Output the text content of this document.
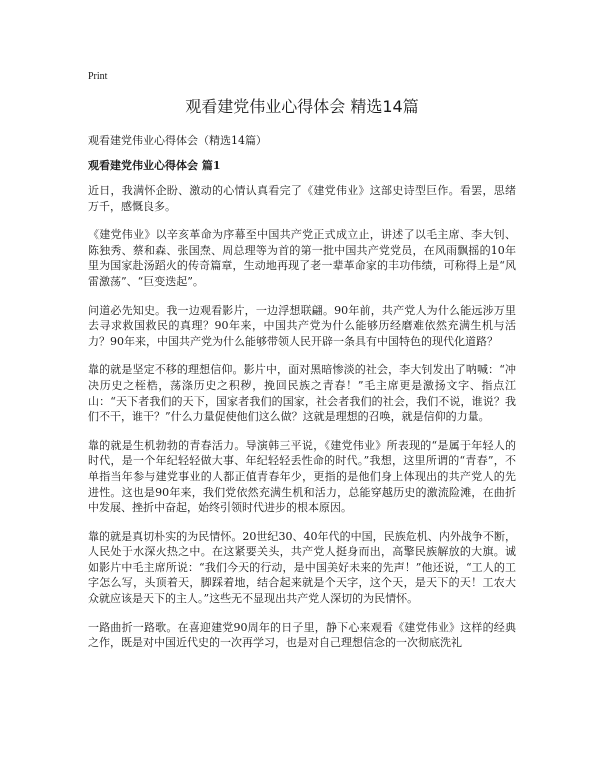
Print
观看建党伟业心得体会 精选14篇
观看建党伟业心得体会（精选14篇）
观看建党伟业心得体会 篇1

近日，我满怀企盼、激动的心情认真看完了《建党伟业》这部史诗型巨作。看罢，思绪万千，感慨良多。

《建党伟业》以辛亥革命为序幕至中国共产党正式成立止，讲述了以毛主席、李大钊、陈独秀、蔡和森、张国焘、周总理等为首的第一批中国共产党党员，在风雨飘摇的10年里为国家赴汤蹈火的传奇篇章，生动地再现了老一辈革命家的丰功伟绩，可称得上是“风雷激荡”、“巨变迭起”。

问道必先知史。我一边观看影片，一边浮想联翩。90年前，共产党人为什么能远涉万里去寻求救国救民的真理？90年来，中国共产党为什么能够历经磨难依然充满生机与活力？90年来，中国共产党为什么能够带领人民开辟一条具有中国特色的现代化道路？

靠的就是坚定不移的理想信仰。影片中，面对黑暗惨淡的社会，李大钊发出了呐喊：“冲决历史之桎梏，荡涤历史之积秽，挽回民族之青春！”毛主席更是激扬文字、指点江山：“天下者我们的天下，国家者我们的国家，社会者我们的社会，我们不说，谁说？我们不干，谁干？”什么力量促使他们这么做？这就是理想的召唤，就是信仰的力量。

靠的就是生机勃勃的青春活力。导演韩三平说，《建党伟业》所表现的“是属于年轻人的时代，是一个年纪轻轻做大事、年纪轻轻丢性命的时代。”我想，这里所谓的“青春”，不单指当年参与建党事业的人都正值青春年少，更指的是他们身上体现出的共产党人的先进性。这也是90年来，我们党依然充满生机和活力，总能穿越历史的激流险滩，在曲折中发展、挫折中奋起，始终引领时代进步的根本原因。

靠的就是真切朴实的为民情怀。20世纪30、40年代的中国，民族危机、内外战争不断，人民处于水深火热之中。在这紧要关头，共产党人挺身而出，高擎民族解放的大旗。诚如影片中毛主席所说：“我们今天的行动，是中国美好未来的先声！”他还说，“工人的工字怎么写，头顶着天，脚踩着地，结合起来就是个天字，这个天，是天下的天！工农大众就应该是天下的主人。”这些无不显现出共产党人深切的为民情怀。

一路曲折一路歌。在喜迎建党90周年的日子里，静下心来观看《建党伟业》这样的经典之作，既是对中国近代史的一次再学习，也是对自己理想信念的一次彻底洗礼
